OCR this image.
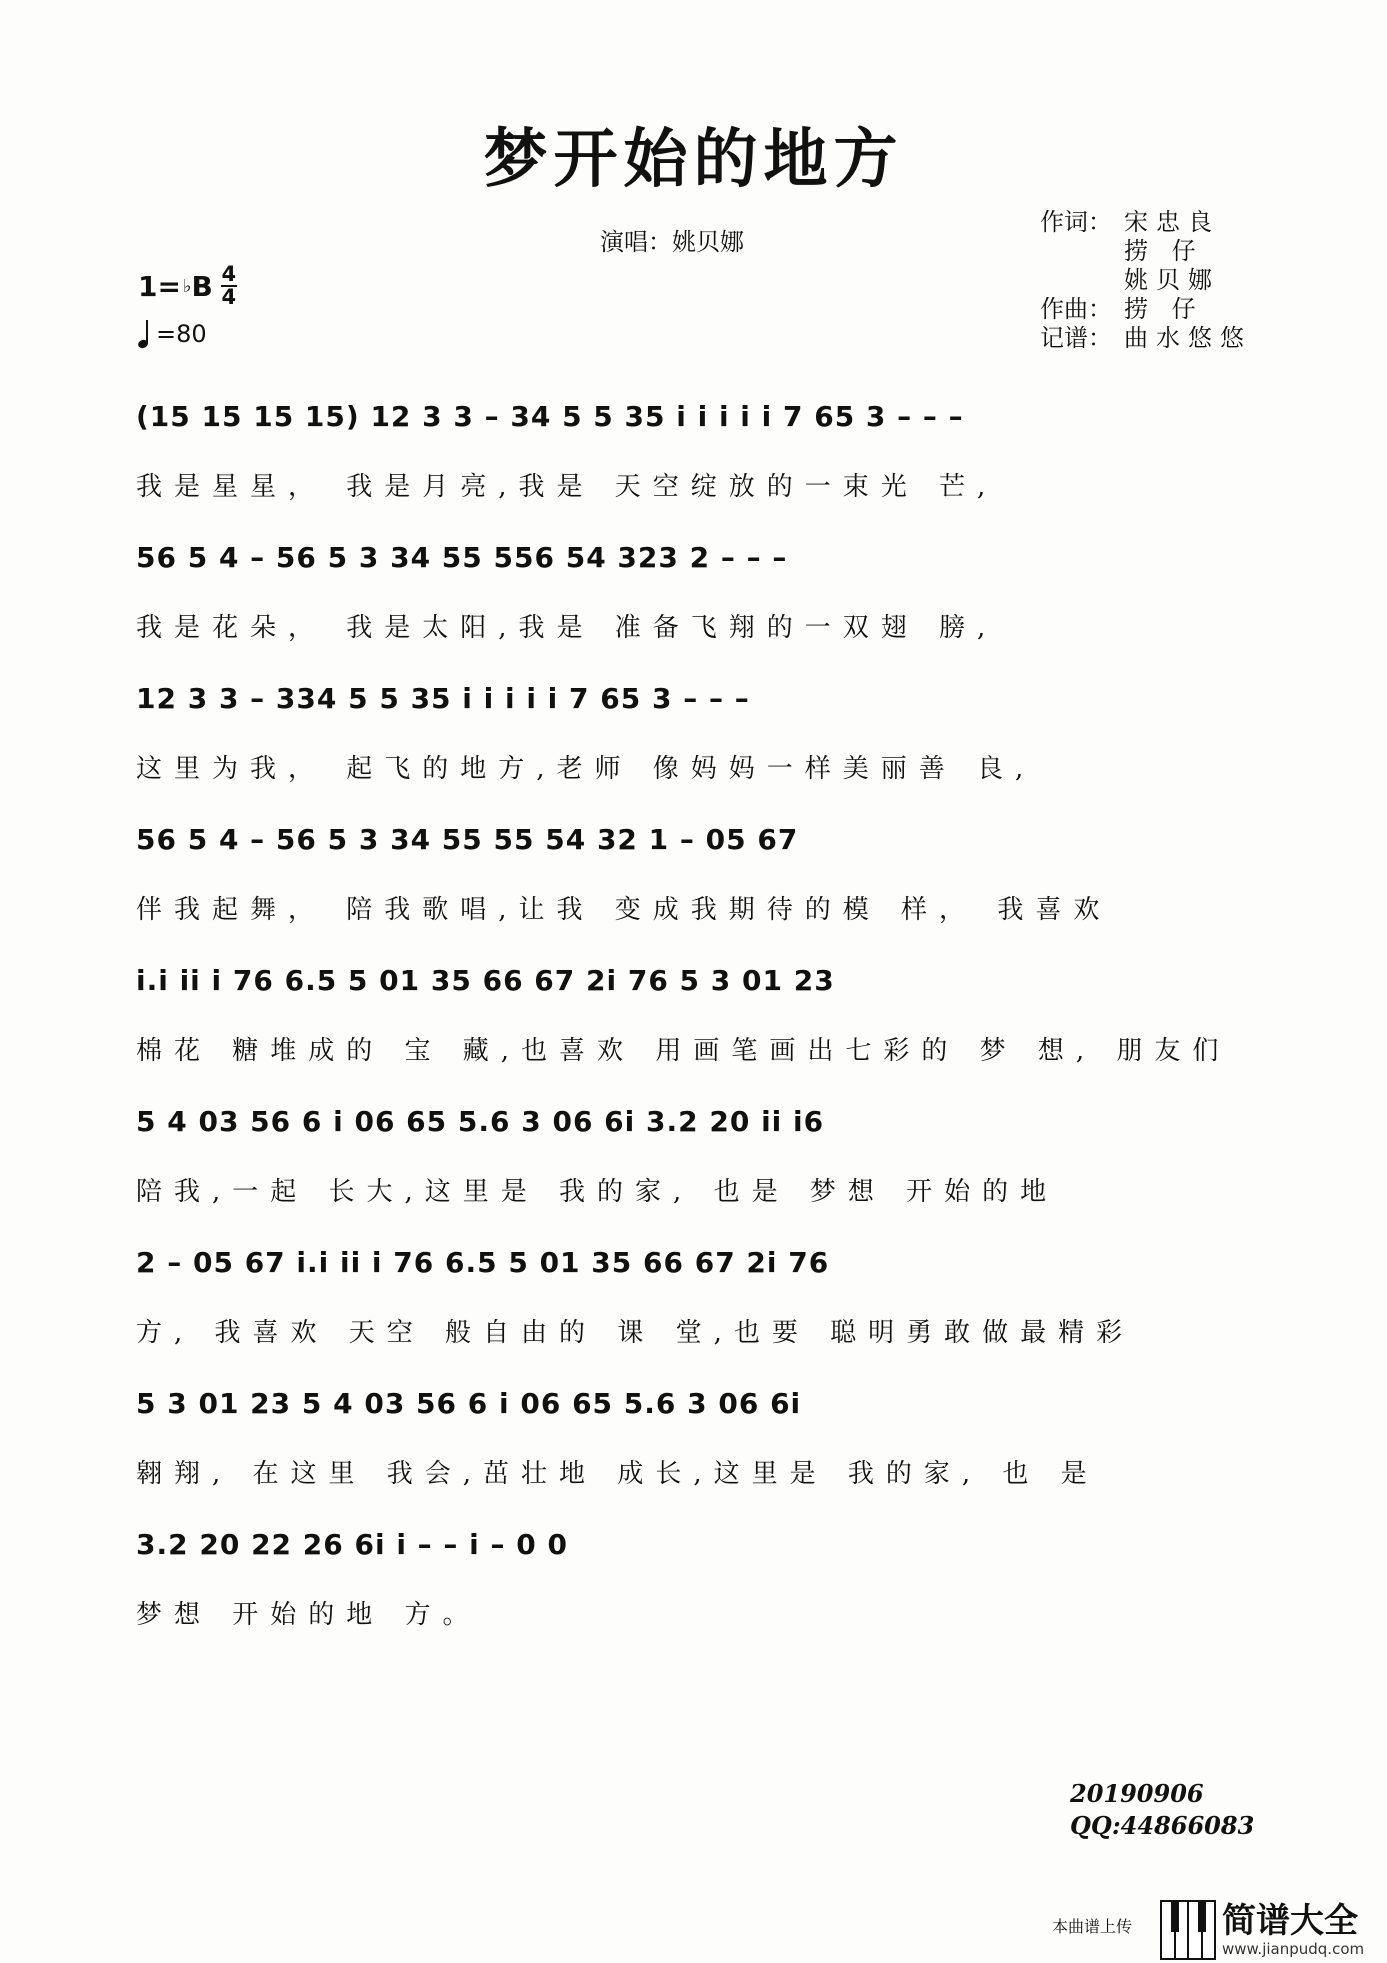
梦开始的地方
演唱：姚贝娜
作词： 宋忠良
捞 仔
姚贝娜
作曲： 捞 仔
记谱： 曲水悠悠
1= ♭ B $\frac{4}{4}$
=80
(15 15 15 15) 12 3 3 – 34 5 5 35 i i i i i 7 65 3 – – –
我是星星， 我是月亮,我是 天空绽放的一束光 芒,
56 5 4 – 56 5 3 34 55 556 54 323 2 – – –
我是花朵， 我是太阳,我是 准备飞翔的一双翅 膀,
12 3 3 – 334 5 5 35 i i i i i 7 65 3 – – –
这里为我， 起飞的地方,老师 像妈妈一样美丽善 良,
56 5 4 – 56 5 3 34 55 55 54 32 1 – 05 67
伴我起舞， 陪我歌唱,让我 变成我期待的模 样， 我喜欢
i.i ii i 76 6.5 5 01 35 66 67 2i 76 5 3 01 23
棉花 糖堆成的 宝 藏,也喜欢 用画笔画出七彩的 梦 想, 朋友们
5 4 03 56 6 i 06 65 5.6 3 06 6i 3.2 20 ii i6
陪我,一起 长大,这里是 我的家, 也是 梦想 开始的地
2 – 05 67 i.i ii i 76 6.5 5 01 35 66 67 2i 76
方, 我喜欢 天空 般自由的 课 堂,也要 聪明勇敢做最精彩
5 3 01 23 5 4 03 56 6 i 06 65 5.6 3 06 6i
翱翔, 在这里 我会,茁壮地 成长,这里是 我的家, 也 是
3.2 20 22 26 6i i – – i – 0 0
梦想 开始的地 方。
20190906
QQ:44866083
本曲谱上传	简谱大全
www.jianpudq.com
